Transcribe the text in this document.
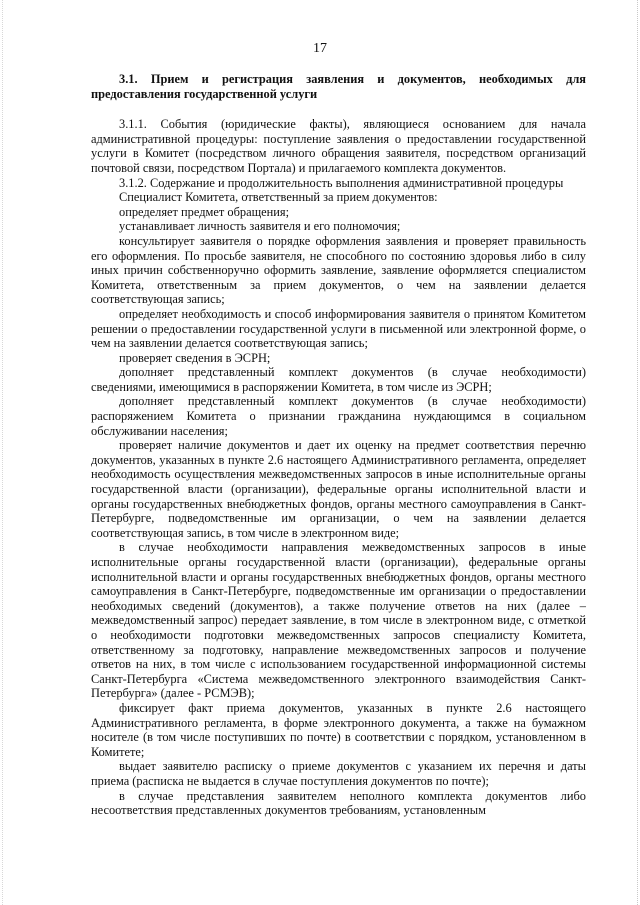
17

3.1. Прием и регистрация заявления и документов, необходимых для предоставления государственной услуги

3.1.1. События (юридические факты), являющиеся основанием для начала административной процедуры: поступление заявления о предоставлении государственной услуги в Комитет (посредством личного обращения заявителя, посредством организаций почтовой связи, посредством Портала) и прилагаемого комплекта документов.

3.1.2. Содержание и продолжительность выполнения административной процедуры

Специалист Комитета, ответственный за прием документов:

определяет предмет обращения;

устанавливает личность заявителя и его полномочия;

консультирует заявителя о порядке оформления заявления и проверяет правильность его оформления. По просьбе заявителя, не способного по состоянию здоровья либо в силу иных причин собственноручно оформить заявление, заявление оформляется специалистом Комитета, ответственным за прием документов, о чем на заявлении делается соответствующая запись;

определяет необходимость и способ информирования заявителя о принятом Комитетом решении о предоставлении государственной услуги в письменной или электронной форме, о чем на заявлении делается соответствующая запись;

проверяет сведения в ЭСРН;

дополняет представленный комплект документов (в случае необходимости) сведениями, имеющимися в распоряжении Комитета, в том числе из ЭСРН;

дополняет представленный комплект документов (в случае необходимости) распоряжением Комитета о признании гражданина нуждающимся в социальном обслуживании населения;

проверяет наличие документов и дает их оценку на предмет соответствия перечню документов, указанных в пункте 2.6 настоящего Административного регламента, определяет необходимость осуществления межведомственных запросов в иные исполнительные органы государственной власти (организации), федеральные органы исполнительной власти и органы государственных внебюджетных фондов, органы местного самоуправления в Санкт-Петербурге, подведомственные им организации, о чем на заявлении делается соответствующая запись, в том числе в электронном виде;

в случае необходимости направления межведомственных запросов в иные исполнительные органы государственной власти (организации), федеральные органы исполнительной власти и органы государственных внебюджетных фондов, органы местного самоуправления в Санкт-Петербурге, подведомственные им организации о предоставлении необходимых сведений (документов), а также получение ответов на них (далее – межведомственный запрос) передает заявление, в том числе в электронном виде, с отметкой о необходимости подготовки межведомственных запросов специалисту Комитета, ответственному за подготовку, направление межведомственных запросов и получение ответов на них, в том числе с использованием государственной информационной системы Санкт-Петербурга «Система межведомственного электронного взаимодействия Санкт-Петербурга» (далее - РСМЭВ);

фиксирует факт приема документов, указанных в пункте 2.6 настоящего Административного регламента, в форме электронного документа, а также на бумажном носителе (в том числе поступивших по почте) в соответствии с порядком, установленном в Комитете;

выдает заявителю расписку о приеме документов с указанием их перечня и даты приема (расписка не выдается в случае поступления документов по почте);

в случае представления заявителем неполного комплекта документов либо несоответствия представленных документов требованиям, установленным
